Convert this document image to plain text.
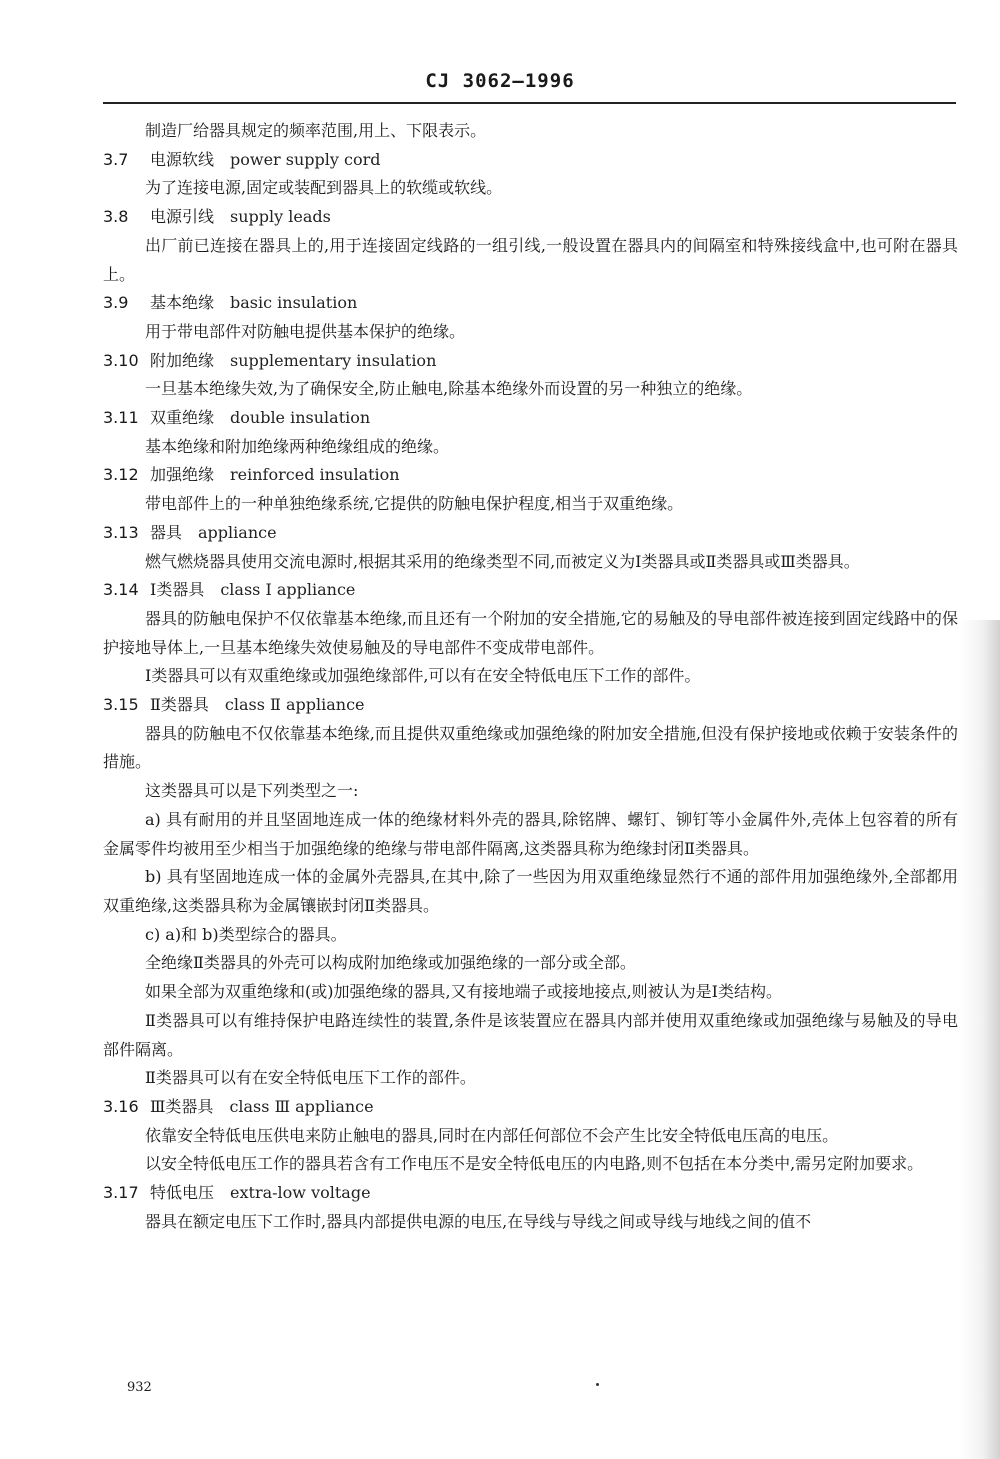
CJ 3062—1996

制造厂给器具规定的频率范围,用上、下限表示。

3.7 电源软线 power supply cord

为了连接电源,固定或装配到器具上的软缆或软线。

3.8 电源引线 supply leads

出厂前已连接在器具上的,用于连接固定线路的一组引线,一般设置在器具内的间隔室和特殊接线盒中,也可附在器具上。

3.9 基本绝缘 basic insulation

用于带电部件对防触电提供基本保护的绝缘。

3.10 附加绝缘 supplementary insulation

一旦基本绝缘失效,为了确保安全,防止触电,除基本绝缘外而设置的另一种独立的绝缘。

3.11 双重绝缘 double insulation

基本绝缘和附加绝缘两种绝缘组成的绝缘。

3.12 加强绝缘 reinforced insulation

带电部件上的一种单独绝缘系统,它提供的防触电保护程度,相当于双重绝缘。

3.13 器具 appliance

燃气燃烧器具使用交流电源时,根据其采用的绝缘类型不同,而被定义为Ⅰ类器具或Ⅱ类器具或Ⅲ类器具。

3.14 Ⅰ类器具 class Ⅰ appliance

器具的防触电保护不仅依靠基本绝缘,而且还有一个附加的安全措施,它的易触及的导电部件被连接到固定线路中的保护接地导体上,一旦基本绝缘失效使易触及的导电部件不变成带电部件。

Ⅰ类器具可以有双重绝缘或加强绝缘部件,可以有在安全特低电压下工作的部件。

3.15 Ⅱ类器具 class Ⅱ appliance

器具的防触电不仅依靠基本绝缘,而且提供双重绝缘或加强绝缘的附加安全措施,但没有保护接地或依赖于安装条件的措施。

这类器具可以是下列类型之一:

a) 具有耐用的并且坚固地连成一体的绝缘材料外壳的器具,除铭牌、螺钉、铆钉等小金属件外,壳体上包容着的所有金属零件均被用至少相当于加强绝缘的绝缘与带电部件隔离,这类器具称为绝缘封闭Ⅱ类器具。

b) 具有坚固地连成一体的金属外壳器具,在其中,除了一些因为用双重绝缘显然行不通的部件用加强绝缘外,全部都用双重绝缘,这类器具称为金属镶嵌封闭Ⅱ类器具。

c) a)和 b)类型综合的器具。

全绝缘Ⅱ类器具的外壳可以构成附加绝缘或加强绝缘的一部分或全部。

如果全部为双重绝缘和(或)加强绝缘的器具,又有接地端子或接地接点,则被认为是Ⅰ类结构。

Ⅱ类器具可以有维持保护电路连续性的装置,条件是该装置应在器具内部并使用双重绝缘或加强绝缘与易触及的导电部件隔离。

Ⅱ类器具可以有在安全特低电压下工作的部件。

3.16 Ⅲ类器具 class Ⅲ appliance

依靠安全特低电压供电来防止触电的器具,同时在内部任何部位不会产生比安全特低电压高的电压。

以安全特低电压工作的器具若含有工作电压不是安全特低电压的内电路,则不包括在本分类中,需另定附加要求。

3.17 特低电压 extra-low voltage

器具在额定电压下工作时,器具内部提供电源的电压,在导线与导线之间或导线与地线之间的值不

932
